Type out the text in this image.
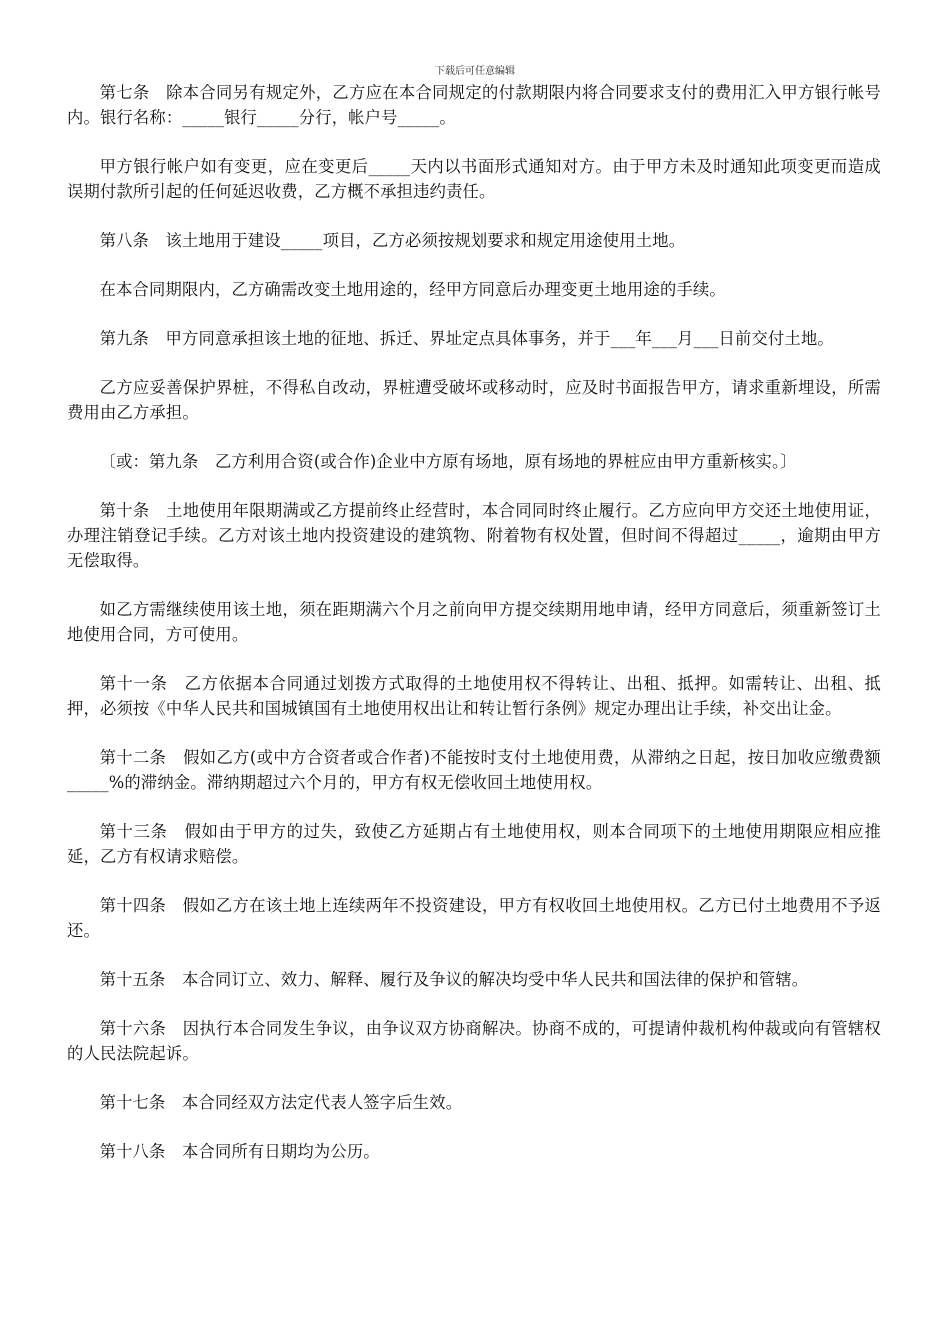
下载后可任意编辑

第七条　除本合同另有规定外，乙方应在本合同规定的付款期限内将合同要求支付的费用汇入甲方银行帐号内。银行名称：_____银行_____分行，帐户号_____。

甲方银行帐户如有变更，应在变更后_____天内以书面形式通知对方。由于甲方未及时通知此项变更而造成误期付款所引起的任何延迟收费，乙方概不承担违约责任。

第八条　该土地用于建设_____项目，乙方必须按规划要求和规定用途使用土地。

在本合同期限内，乙方确需改变土地用途的，经甲方同意后办理变更土地用途的手续。

第九条　甲方同意承担该土地的征地、拆迁、界址定点具体事务，并于___年___月___日前交付土地。

乙方应妥善保护界桩，不得私自改动，界桩遭受破坏或移动时，应及时书面报告甲方，请求重新埋设，所需费用由乙方承担。

〔或：第九条　乙方利用合资(或合作)企业中方原有场地，原有场地的界桩应由甲方重新核实。〕

第十条　土地使用年限期满或乙方提前终止经营时，本合同同时终止履行。乙方应向甲方交还土地使用证，办理注销登记手续。乙方对该土地内投资建设的建筑物、附着物有权处置，但时间不得超过_____，逾期由甲方无偿取得。

如乙方需继续使用该土地，须在距期满六个月之前向甲方提交续期用地申请，经甲方同意后，须重新签订土地使用合同，方可使用。

第十一条　乙方依据本合同通过划拨方式取得的土地使用权不得转让、出租、抵押。如需转让、出租、抵押，必须按《中华人民共和国城镇国有土地使用权出让和转让暂行条例》规定办理出让手续，补交出让金。

第十二条　假如乙方(或中方合资者或合作者)不能按时支付土地使用费，从滞纳之日起，按日加收应缴费额_____%的滞纳金。滞纳期超过六个月的，甲方有权无偿收回土地使用权。

第十三条　假如由于甲方的过失，致使乙方延期占有土地使用权，则本合同项下的土地使用期限应相应推延，乙方有权请求赔偿。

第十四条　假如乙方在该土地上连续两年不投资建设，甲方有权收回土地使用权。乙方已付土地费用不予返还。

第十五条　本合同订立、效力、解释、履行及争议的解决均受中华人民共和国法律的保护和管辖。

第十六条　因执行本合同发生争议，由争议双方协商解决。协商不成的，可提请仲裁机构仲裁或向有管辖权的人民法院起诉。

第十七条　本合同经双方法定代表人签字后生效。

第十八条　本合同所有日期均为公历。
